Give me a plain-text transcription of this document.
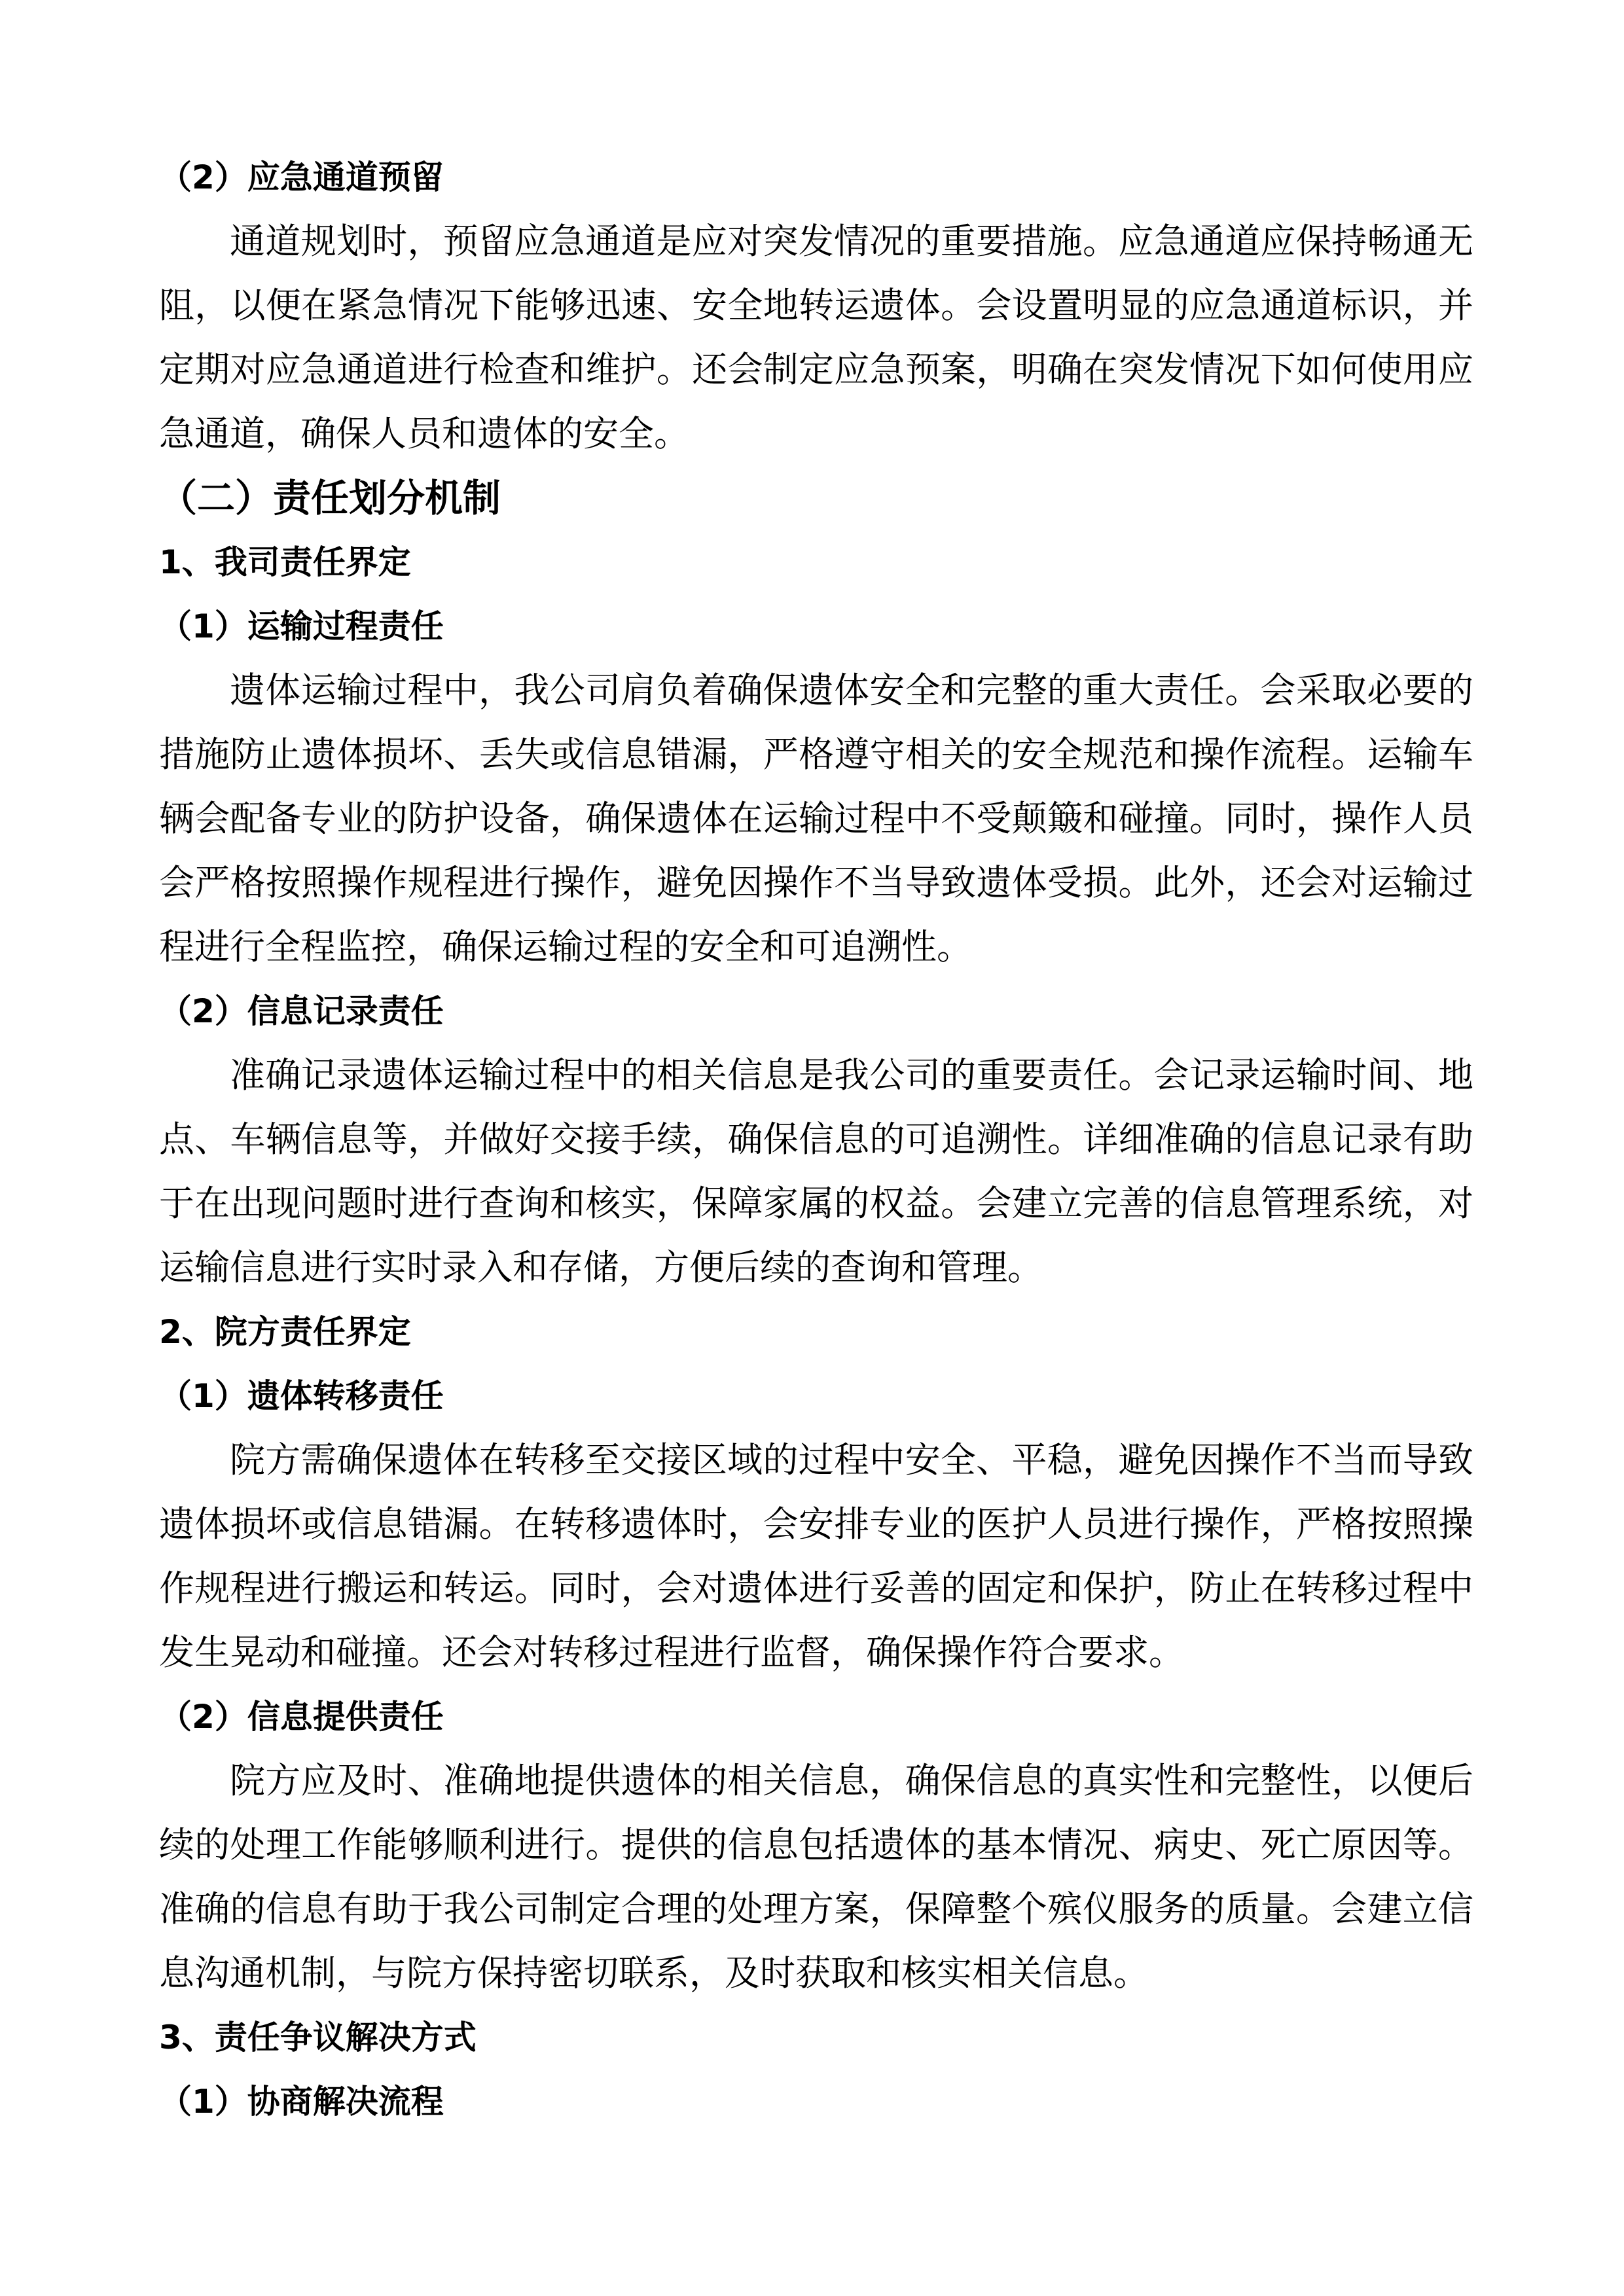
（2）应急通道预留

通道规划时，预留应急通道是应对突发情况的重要措施。应急通道应保持畅通无阻，以便在紧急情况下能够迅速、安全地转运遗体。会设置明显的应急通道标识，并定期对应急通道进行检查和维护。还会制定应急预案，明确在突发情况下如何使用应急通道，确保人员和遗体的安全。

（二）责任划分机制
1、我司责任界定
（1）运输过程责任

遗体运输过程中，我公司肩负着确保遗体安全和完整的重大责任。会采取必要的措施防止遗体损坏、丢失或信息错漏，严格遵守相关的安全规范和操作流程。运输车辆会配备专业的防护设备，确保遗体在运输过程中不受颠簸和碰撞。同时，操作人员会严格按照操作规程进行操作，避免因操作不当导致遗体受损。此外，还会对运输过程进行全程监控，确保运输过程的安全和可追溯性。

（2）信息记录责任

准确记录遗体运输过程中的相关信息是我公司的重要责任。会记录运输时间、地点、车辆信息等，并做好交接手续，确保信息的可追溯性。详细准确的信息记录有助于在出现问题时进行查询和核实，保障家属的权益。会建立完善的信息管理系统，对运输信息进行实时录入和存储，方便后续的查询和管理。

2、院方责任界定
（1）遗体转移责任

院方需确保遗体在转移至交接区域的过程中安全、平稳，避免因操作不当而导致遗体损坏或信息错漏。在转移遗体时，会安排专业的医护人员进行操作，严格按照操作规程进行搬运和转运。同时，会对遗体进行妥善的固定和保护，防止在转移过程中发生晃动和碰撞。还会对转移过程进行监督，确保操作符合要求。

（2）信息提供责任

院方应及时、准确地提供遗体的相关信息，确保信息的真实性和完整性，以便后续的处理工作能够顺利进行。提供的信息包括遗体的基本情况、病史、死亡原因等。准确的信息有助于我公司制定合理的处理方案，保障整个殡仪服务的质量。会建立信息沟通机制，与院方保持密切联系，及时获取和核实相关信息。

3、责任争议解决方式
（1）协商解决流程
